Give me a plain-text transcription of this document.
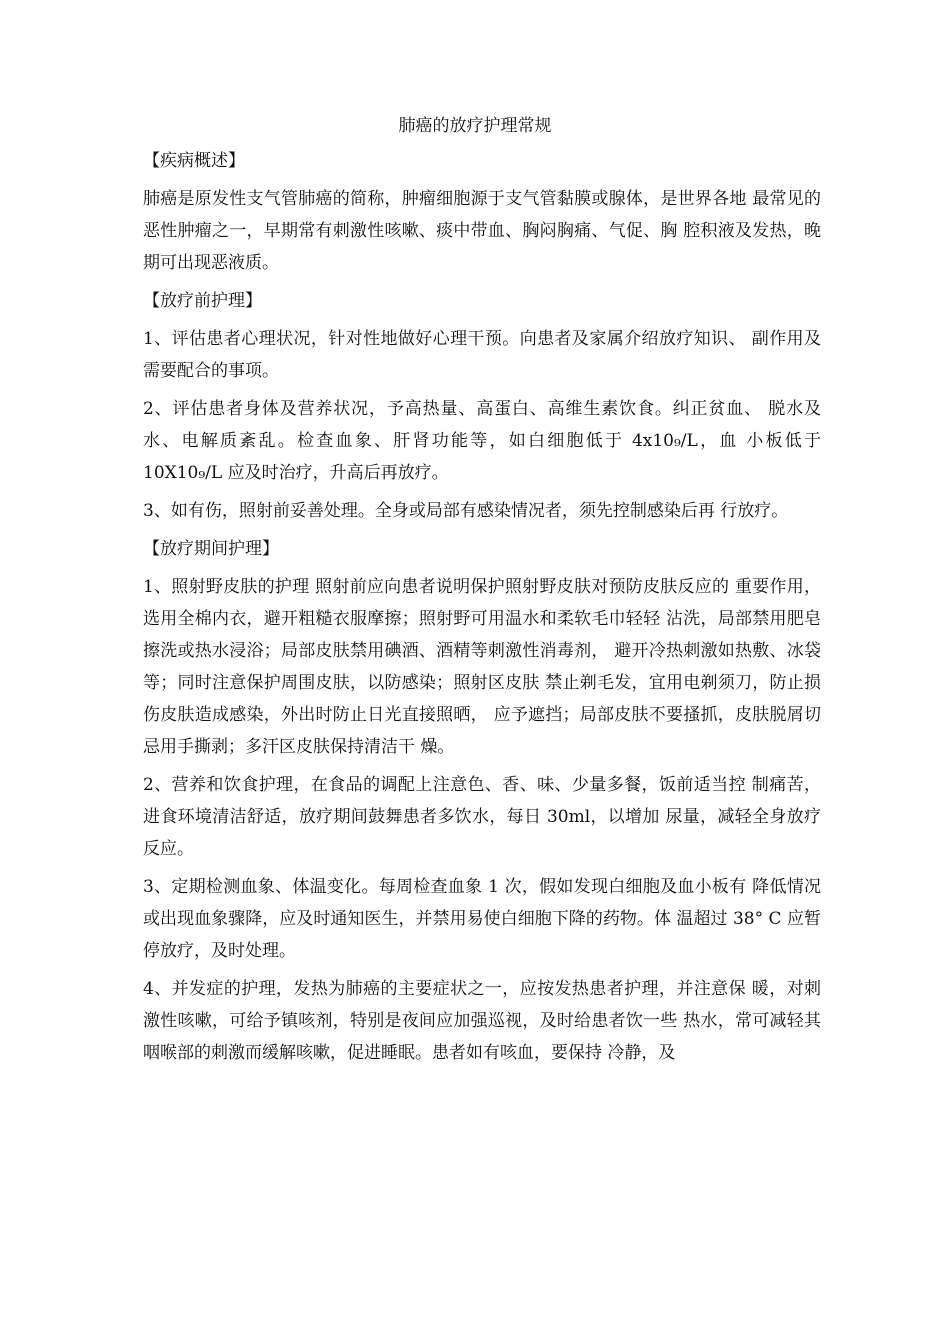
肺癌的放疗护理常规
【疾病概述】
肺癌是原发性支气管肺癌的简称，肿瘤细胞源于支气管黏膜或腺体，是世界各地 最常见的恶性肿瘤之一，早期常有刺激性咳嗽、痰中带血、胸闷胸痛、气促、胸 腔积液及发热，晚期可出现恶液质。
【放疗前护理】
1、评估患者心理状况，针对性地做好心理干预。向患者及家属介绍放疗知识、 副作用及需要配合的事项。
2、评估患者身体及营养状况，予高热量、高蛋白、高维生素饮食。纠正贫血、 脱水及水、电解质紊乱。检查血象、肝肾功能等，如白细胞低于 4x10₉/L，血 小板低于 10X10₉/L 应及时治疗，升高后再放疗。
3、如有伤，照射前妥善处理。全身或局部有感染情况者，须先控制感染后再 行放疗。
【放疗期间护理】
1、照射野皮肤的护理 照射前应向患者说明保护照射野皮肤对预防皮肤反应的 重要作用，选用全棉内衣，避开粗糙衣服摩擦；照射野可用温水和柔软毛巾轻轻 沾洗，局部禁用肥皂擦洗或热水浸浴；局部皮肤禁用碘酒、酒精等刺激性消毒剂， 避开冷热刺激如热敷、冰袋等；同时注意保护周围皮肤，以防感染；照射区皮肤 禁止剃毛发，宜用电剃须刀，防止损伤皮肤造成感染，外出时防止日光直接照晒， 应予遮挡；局部皮肤不要搔抓，皮肤脱屑切忌用手撕剥；多汗区皮肤保持清洁干 燥。
2、营养和饮食护理，在食品的调配上注意色、香、味、少量多餐，饭前适当控 制痛苦，进食环境清洁舒适，放疗期间鼓舞患者多饮水，每日 30ml，以增加 尿量，减轻全身放疗反应。
3、定期检测血象、体温变化。每周检查血象 1 次，假如发现白细胞及血小板有 降低情况或出现血象骤降，应及时通知医生，并禁用易使白细胞下降的药物。体 温超过 38° C 应暂停放疗，及时处理。
4、并发症的护理，发热为肺癌的主要症状之一，应按发热患者护理，并注意保 暖，对刺激性咳嗽，可给予镇咳剂，特别是夜间应加强巡视，及时给患者饮一些 热水，常可减轻其咽喉部的刺激而缓解咳嗽，促进睡眠。患者如有咳血，要保持 冷静，及
